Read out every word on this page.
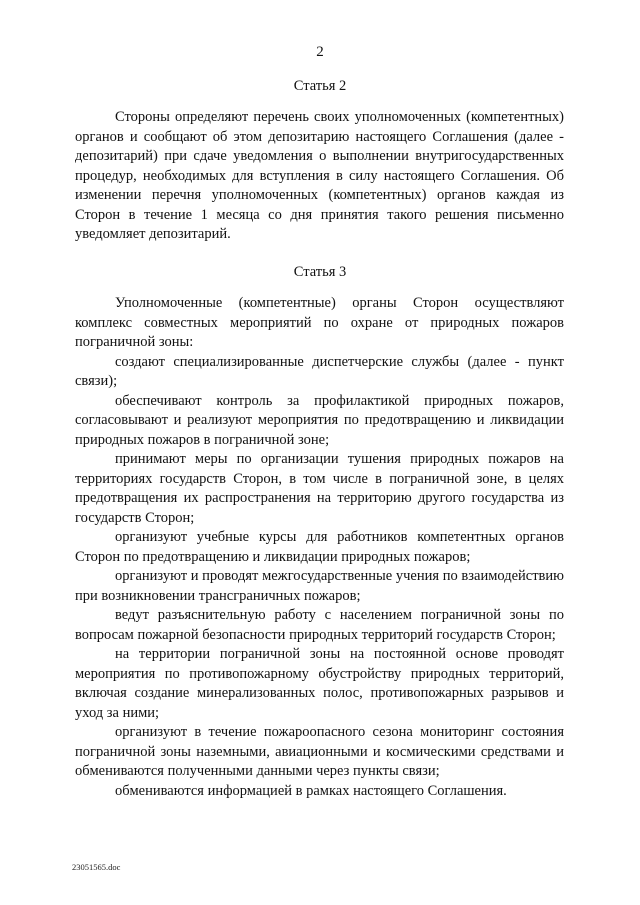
2
Статья 2

Стороны определяют перечень своих уполномоченных (компетентных) органов и сообщают об этом депозитарию настоящего Соглашения (далее - депозитарий) при сдаче уведомления о выполнении внутригосударственных процедур, необходимых для вступления в силу настоящего Соглашения. Об изменении перечня уполномоченных (компетентных) органов каждая из Сторон в течение 1 месяца со дня принятия такого решения письменно уведомляет депозитарий.

Статья 3

Уполномоченные (компетентные) органы Сторон осуществляют комплекс совместных мероприятий по охране от природных пожаров пограничной зоны:

создают специализированные диспетчерские службы (далее - пункт связи);

обеспечивают контроль за профилактикой природных пожаров, согласовывают и реализуют мероприятия по предотвращению и ликвидации природных пожаров в пограничной зоне;

принимают меры по организации тушения природных пожаров на территориях государств Сторон, в том числе в пограничной зоне, в целях предотвращения их распространения на территорию другого государства из государств Сторон;

организуют учебные курсы для работников компетентных органов Сторон по предотвращению и ликвидации природных пожаров;

организуют и проводят межгосударственные учения по взаимодействию при возникновении трансграничных пожаров;

ведут разъяснительную работу с населением пограничной зоны по вопросам пожарной безопасности природных территорий государств Сторон;

на территории пограничной зоны на постоянной основе проводят мероприятия по противопожарному обустройству природных территорий, включая создание минерализованных полос, противопожарных разрывов и уход за ними;

организуют в течение пожароопасного сезона мониторинг состояния пограничной зоны наземными, авиационными и космическими средствами и обмениваются полученными данными через пункты связи;

обмениваются информацией в рамках настоящего Соглашения.

23051565.doc
